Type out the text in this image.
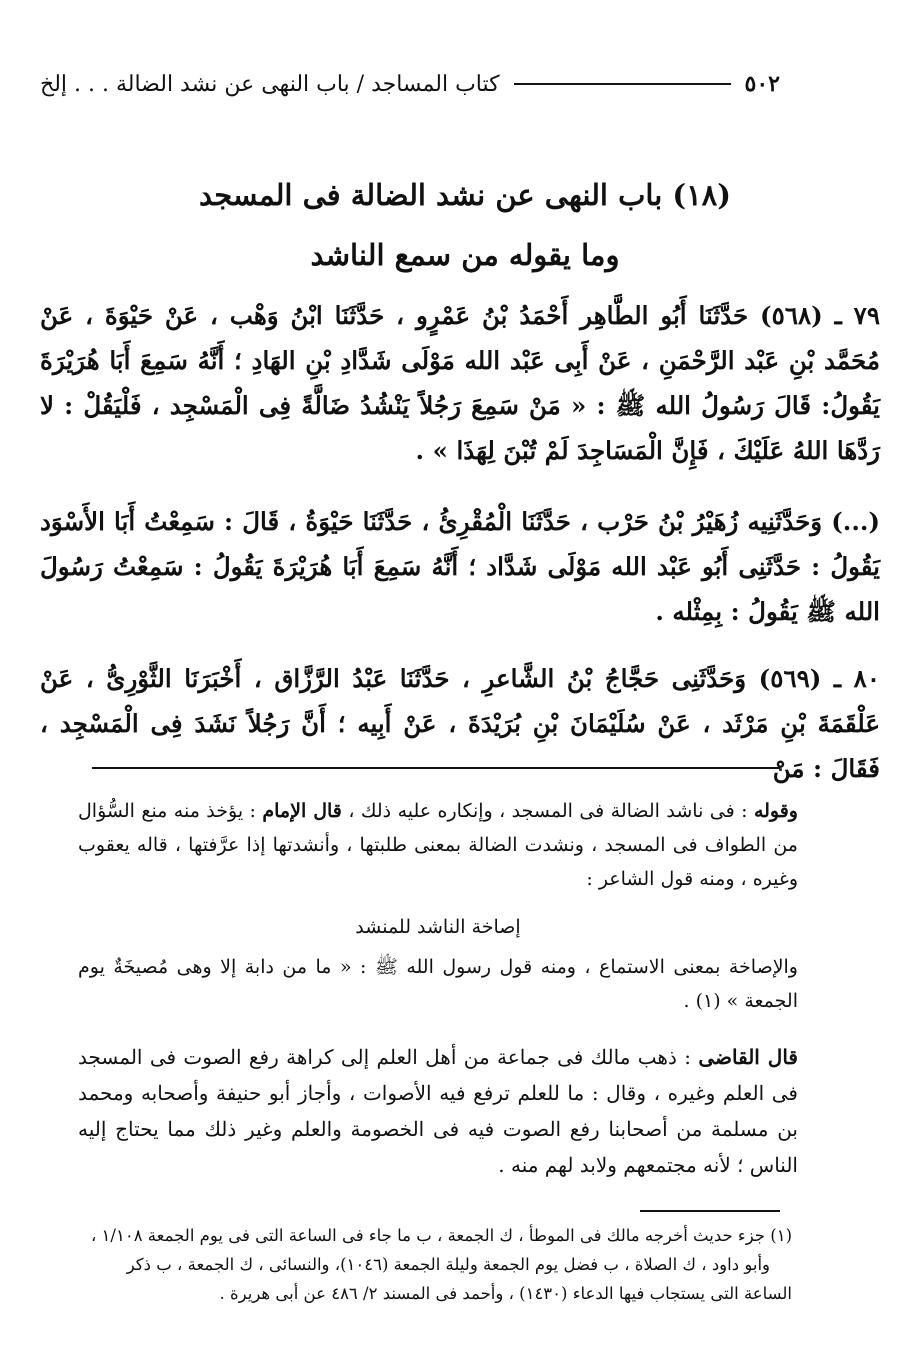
٥٠٢
كتاب المساجد / باب النهى عن نشد الضالة . . . إلخ
(١٨) باب النهى عن نشد الضالة فى المسجد
وما يقوله من سمع الناشد
٧٩ ـ (٥٦٨) حَدَّثَنَا أَبُو الطَّاهِر أَحْمَدُ بْنُ عَمْرٍو ، حَدَّثَنَا ابْنُ وَهْب ، عَنْ حَيْوَةَ ، عَنْ مُحَمَّد بْنِ عَبْد الرَّحْمَنِ ، عَنْ أَبِى عَبْد الله مَوْلَى شَدَّادِ بْنِ الهَادِ ؛ أَنَّهُ سَمِعَ أَبَا هُرَيْرَةَ يَقُولُ: قَالَ رَسُولُ الله ﷺ : « مَنْ سَمِعَ رَجُلاً يَنْشُدُ ضَالَّةً فِى الْمَسْجِد ، فَلْيَقُلْ : لا رَدَّهَا اللهُ عَلَيْكَ ، فَإِنَّ الْمَسَاجِدَ لَمْ تُبْنَ لِهَذَا » .
(...) وَحَدَّثَنِيه زُهَيْرُ بْنُ حَرْب ، حَدَّثَنَا الْمُقْرِئُ ، حَدَّثَنَا حَيْوَةُ ، قَالَ : سَمِعْتُ أَبَا الأَسْوَد يَقُولُ : حَدَّثَنِى أَبُو عَبْد الله مَوْلَى شَدَّاد ؛ أَنَّهُ سَمِعَ أَبَا هُرَيْرَةَ يَقُولُ : سَمِعْتُ رَسُولَ الله ﷺ يَقُولُ : بِمِثْله .
٨٠ ـ (٥٦٩) وَحَدَّثَنِى حَجَّاجُ بْنُ الشَّاعرِ ، حَدَّثَنَا عَبْدُ الرَّزَّاق ، أَخْبَرَنَا الثَّوْرِىُّ ، عَنْ عَلْقَمَةَ بْنِ مَرْثَد ، عَنْ سُلَيْمَانَ بْنِ بُرَيْدَةَ ، عَنْ أَبِيه ؛ أَنَّ رَجُلاً نَشَدَ فِى الْمَسْجِد ، فَقَالَ : مَنْ
وقوله : فى ناشد الضالة فى المسجد ، وإنكاره عليه ذلك ، قال الإمام : يؤخذ منه منع السُّؤال من الطواف فى المسجد ، ونشدت الضالة بمعنى طلبتها ، وأنشدتها إذا عرَّفتها ، قاله يعقوب وغيره ، ومنه قول الشاعر :
إصاخة الناشد للمنشد
والإصاخة بمعنى الاستماع ، ومنه قول رسول الله ﷺ : « ما من دابة إلا وهى مُصيخَةٌ يوم الجمعة » (١) .
قال القاضى : ذهب مالك فى جماعة من أهل العلم إلى كراهة رفع الصوت فى المسجد فى العلم وغيره ، وقال : ما للعلم ترفع فيه الأصوات ، وأجاز أبو حنيفة وأصحابه ومحمد بن مسلمة من أصحابنا رفع الصوت فيه فى الخصومة والعلم وغير ذلك مما يحتاج إليه الناس ؛ لأنه مجتمعهم ولابد لهم منه .
(١) جزء حديث أخرجه مالك فى الموطأ ، ك الجمعة ، ب ما جاء فى الساعة التى فى يوم الجمعة ١/١٠٨ ،
وأبو داود ، ك الصلاة ، ب فضل يوم الجمعة وليلة الجمعة (١٠٤٦)، والنسائى ، ك الجمعة ، ب ذكر
الساعة التى يستجاب فيها الدعاء (١٤٣٠) ، وأحمد فى المسند ٢/ ٤٨٦ عن أبى هريرة .
